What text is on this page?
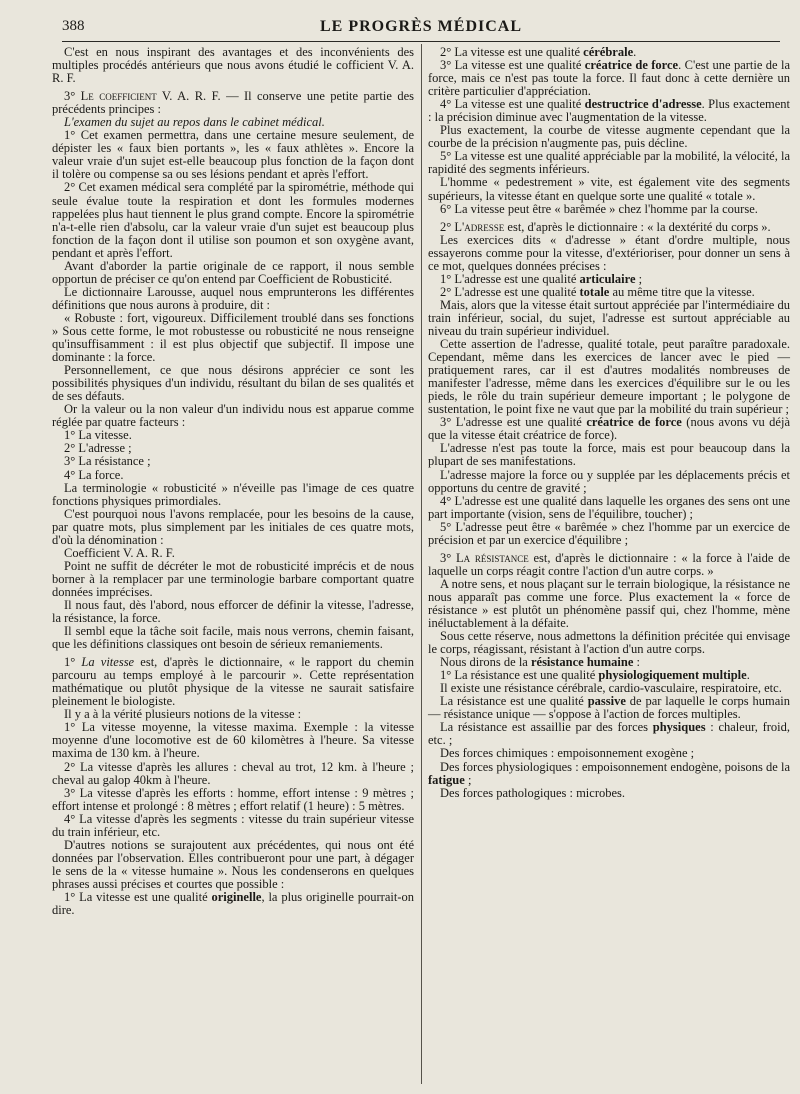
388	LE PROGRÈS MÉDICAL

C'est en nous inspirant des avantages et des inconvénients des multiples procédés antérieurs que nous avons étudié le cofficient V. A. R. F.

3° Le coefficient V. A. R. F. — Il conserve une petite partie des précédents principes :

L'examen du sujet au repos dans le cabinet médical.

1° Cet examen permettra, dans une certaine mesure seulement, de dépister les « faux bien portants », les « faux athlètes ». Encore la valeur vraie d'un sujet est-elle beaucoup plus fonction de la façon dont il tolère ou compense sa ou ses lésions pendant et après l'effort.

2° Cet examen médical sera complété par la spirométrie, méthode qui seule évalue toute la respiration et dont les formules modernes rappelées plus haut tiennent le plus grand compte. Encore la spirométrie n'a-t-elle rien d'absolu, car la valeur vraie d'un sujet est beaucoup plus fonction de la façon dont il utilise son poumon et son oxygène avant, pendant et après l'effort.

Avant d'aborder la partie originale de ce rapport, il nous semble opportun de préciser ce qu'on entend par Coefficient de Robusticité.

Le dictionnaire Larousse, auquel nous emprunterons les différentes définitions que nous aurons à produire, dit :

« Robuste : fort, vigoureux. Difficilement troublé dans ses fonctions » Sous cette forme, le mot robustesse ou robusticité ne nous renseigne qu'insuffisamment : il est plus objectif que subjectif. Il impose une dominante : la force.

Personnellement, ce que nous désirons apprécier ce sont les possibilités physiques d'un individu, résultant du bilan de ses qualités et de ses défauts.

Or la valeur ou la non valeur d'un individu nous est apparue comme réglée par quatre facteurs :

1° La vitesse.

2° L'adresse ;

3° La résistance ;

4° La force.

La terminologie « robusticité » n'éveille pas l'image de ces quatre fonctions physiques primordiales.

C'est pourquoi nous l'avons remplacée, pour les besoins de la cause, par quatre mots, plus simplement par les initiales de ces quatre mots, d'où la dénomination :

Coefficient V. A. R. F.

Point ne suffit de décréter le mot de robusticité imprécis et de nous borner à la remplacer par une terminologie barbare comportant quatre données imprécises.

Il nous faut, dès l'abord, nous efforcer de définir la vitesse, l'adresse, la résistance, la force.

Il sembl eque la tâche soit facile, mais nous verrons, chemin faisant, que les définitions classiques ont besoin de sérieux remaniements.

1° La vitesse est, d'après le dictionnaire, « le rapport du chemin parcouru au temps employé à le parcourir ». Cette représentation mathématique ou plutôt physique de la vitesse ne saurait satisfaire pleinement le biologiste.

Il y a à la vérité plusieurs notions de la vitesse :

1° La vitesse moyenne, la vitesse maxima. Exemple : la vitesse moyenne d'une locomotive est de 60 kilomètres à l'heure. Sa vitesse maxima de 130 km. à l'heure.

2° La vitesse d'après les allures : cheval au trot, 12 km. à l'heure ; cheval au galop 40km à l'heure.

3° La vitesse d'après les efforts : homme, effort intense : 9 mètres ; effort intense et prolongé : 8 mètres ; effort relatif (1 heure) : 5 mètres.

4° La vitesse d'après les segments : vitesse du train supérieur vitesse du train inférieur, etc.

D'autres notions se surajoutent aux précédentes, qui nous ont été données par l'observation. Elles contribueront pour une part, à dégager le sens de la « vitesse humaine ». Nous les condenserons en quelques phrases aussi précises et courtes que possible :

1° La vitesse est une qualité originelle, la plus originelle pourrait-on dire.

2° La vitesse est une qualité cérébrale.

3° La vitesse est une qualité créatrice de force. C'est une partie de la force, mais ce n'est pas toute la force. Il faut donc à cette dernière un critère particulier d'appréciation.

4° La vitesse est une qualité destructrice d'adresse. Plus exactement : la précision diminue avec l'augmentation de la vitesse.

Plus exactement, la courbe de vitesse augmente cependant que la courbe de la précision n'augmente pas, puis décline.

5° La vitesse est une qualité appréciable par la mobilité, la vélocité, la rapidité des segments inférieurs.

L'homme « pedestrement » vite, est également vite des segments supérieurs, la vitesse étant en quelque sorte une qualité « totale ».

6° La vitesse peut être « barêmée » chez l'homme par la course.

2° L'adresse est, d'après le dictionnaire : « la dextérité du corps ».

Les exercices dits « d'adresse » étant d'ordre multiple, nous essayerons comme pour la vitesse, d'extérioriser, pour donner un sens à ce mot, quelques données précises :

1° L'adresse est une qualité articulaire ;

2° L'adresse est une qualité totale au même titre que la vitesse.

Mais, alors que la vitesse était surtout appréciée par l'intermédiaire du train inférieur, social, du sujet, l'adresse est surtout appréciable au niveau du train supérieur individuel.

Cette assertion de l'adresse, qualité totale, peut paraître paradoxale. Cependant, même dans les exercices de lancer avec le pied — pratiquement rares, car il est d'autres modalités nombreuses de manifester l'adresse, même dans les exercices d'équilibre sur le ou les pieds, le rôle du train supérieur demeure important ; le polygone de sustentation, le point fixe ne vaut que par la mobilité du train supérieur ;

3° L'adresse est une qualité créatrice de force (nous avons vu déjà que la vitesse était créatrice de force).

L'adresse n'est pas toute la force, mais est pour beaucoup dans la plupart de ses manifestations.

L'adresse majore la force ou y supplée par les déplacements précis et opportuns du centre de gravité ;

4° L'adresse est une qualité dans laquelle les organes des sens ont une part importante (vision, sens de l'équilibre, toucher) ;

5° L'adresse peut être « barêmée » chez l'homme par un exercice de précision et par un exercice d'équilibre ;

3° La résistance est, d'après le dictionnaire : « la force à l'aide de laquelle un corps réagit contre l'action d'un autre corps. »

A notre sens, et nous plaçant sur le terrain biologique, la résistance ne nous apparaît pas comme une force. Plus exactement la « force de résistance » est plutôt un phénomène passif qui, chez l'homme, mène inéluctablement à la défaite.

Sous cette réserve, nous admettons la définition précitée qui envisage le corps, réagissant, résistant à l'action d'un autre corps.

Nous dirons de la résistance humaine :

1° La résistance est une qualité physiologiquement multiple.

Il existe une résistance cérébrale, cardio-vasculaire, respiratoire, etc.

La résistance est une qualité passive de par laquelle le corps humain — résistance unique — s'oppose à l'action de forces multiples.

La résistance est assaillie par des forces physiques : chaleur, froid, etc. ;

Des forces chimiques : empoisonnement exogène ;

Des forces physiologiques : empoisonnement endogène, poisons de la fatigue ;

Des forces pathologiques : microbes.
